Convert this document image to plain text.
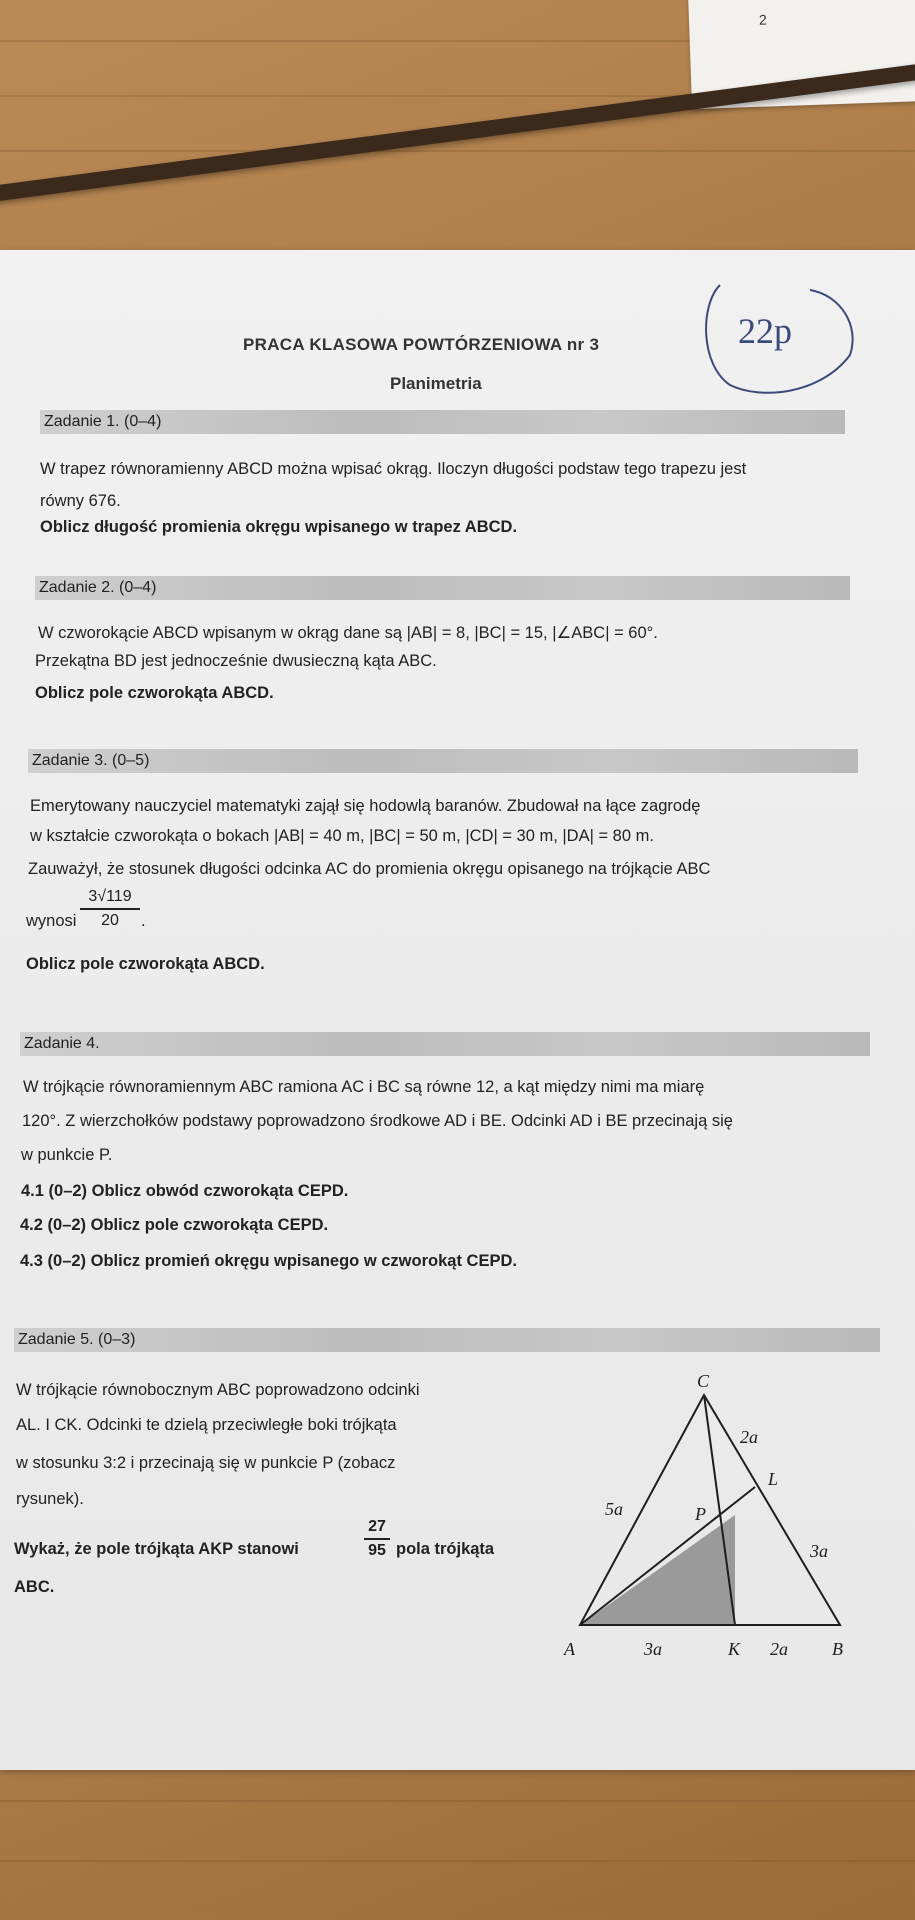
2
22p
PRACA KLASOWA POWTÓRZENIOWA nr 3
Planimetria
Zadanie 1. (0–4)
W trapez równoramienny ABCD można wpisać okrąg. Iloczyn długości podstaw tego trapezu jest
równy 676.
Oblicz długość promienia okręgu wpisanego w trapez ABCD.
Zadanie 2. (0–4)
W czworokącie ABCD wpisanym w okrąg dane są |AB| = 8, |BC| = 15, |∠ABC| = 60°.
Przekątna BD jest jednocześnie dwusieczną kąta ABC.
Oblicz pole czworokąta ABCD.
Zadanie 3. (0–5)
Emerytowany nauczyciel matematyki zajął się hodowlą baranów. Zbudował na łące zagrodę
w kształcie czworokąta o bokach |AB| = 40 m, |BC| = 50 m, |CD| = 30 m, |DA| = 80 m.
Zauważył, że stosunek długości odcinka AC do promienia okręgu opisanego na trójkącie ABC
wynosi
3√119
20	.
Oblicz pole czworokąta ABCD.
Zadanie 4.
W trójkącie równoramiennym ABC ramiona AC i BC są równe 12, a kąt między nimi ma miarę
120°. Z wierzchołków podstawy poprowadzono środkowe AD i BE. Odcinki AD i BE przecinają się
w punkcie P.
4.1 (0–2) Oblicz obwód czworokąta CEPD.
4.2 (0–2) Oblicz pole czworokąta CEPD.
4.3 (0–2) Oblicz promień okręgu wpisanego w czworokąt CEPD.
Zadanie 5. (0–3)
W trójkącie równobocznym ABC poprowadzono odcinki
AL. I CK. Odcinki te dzielą przeciwległe boki trójkąta
w stosunku 3:2 i przecinają się w punkcie P (zobacz
rysunek).
Wykaż, że pole trójkąta AKP stanowi
27
95 pola trójkąta
ABC.
C
L
P
A	K	B
2a
3a
5a
3a	2a
